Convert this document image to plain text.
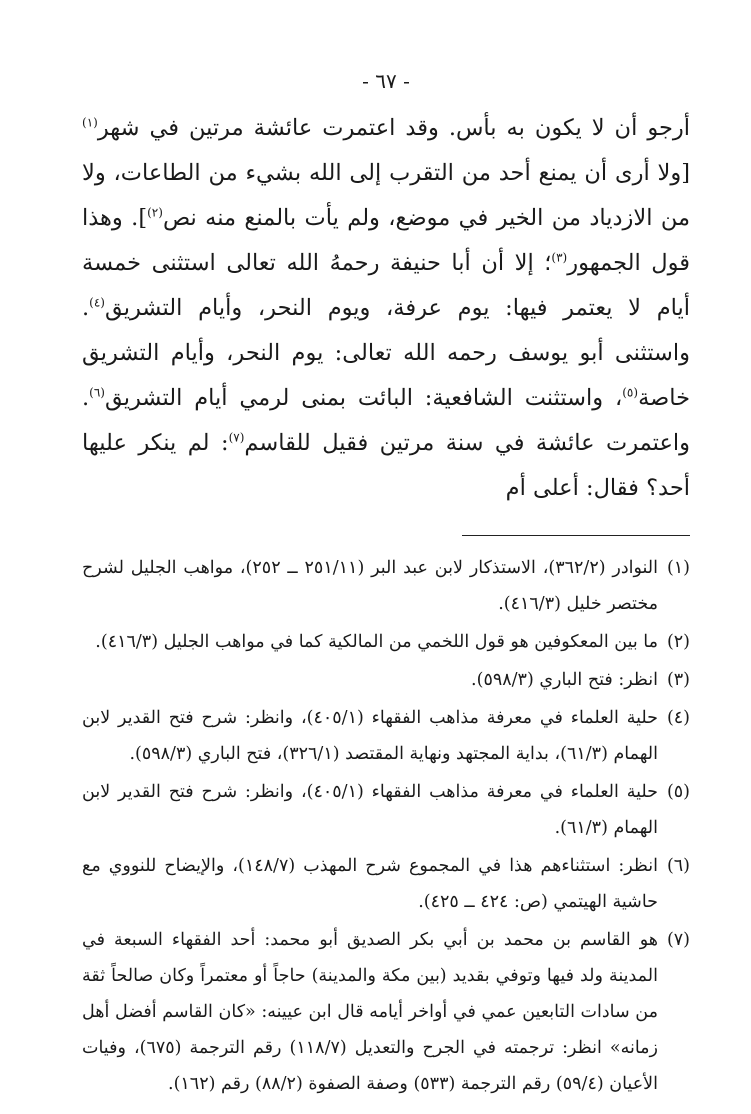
- ٦٧ -

أرجو أن لا يكون به بأس. وقد اعتمرت عائشة مرتين في شهر$^{(١)}$ [ولا أرى أن يمنع أحد من التقرب إلى الله بشيء من الطاعات، ولا من الازدياد من الخير في موضع، ولم يأت بالمنع منه نص$^{(٢)}$]. وهذا قول الجمهور$^{(٣)}$؛ إلا أن أبا حنيفة رحمهُ الله تعالى استثنى خمسة أيام لا يعتمر فيها: يوم عرفة، ويوم النحر، وأيام التشريق$^{(٤)}$. واستثنى أبو يوسف رحمه الله تعالى: يوم النحر، وأيام التشريق خاصة$^{(٥)}$، واستثنت الشافعية: البائت بمنى لرمي أيام التشريق$^{(٦)}$. واعتمرت عائشة في سنة مرتين فقيل للقاسم$^{(٧)}$: لم ينكر عليها أحد؟ فقال: أعلى أم

(١)
النوادر (٣٦٢/٢)، الاستذكار لابن عبد البر (٢٥١/١١ ــ ٢٥٢)، مواهب الجليل لشرح مختصر خليل (٤١٦/٣).
(٢)
ما بين المعكوفين هو قول اللخمي من المالكية كما في مواهب الجليل (٤١٦/٣).
(٣)
انظر: فتح الباري (٥٩٨/٣).
(٤)
حلية العلماء في معرفة مذاهب الفقهاء (٤٠٥/١)، وانظر: شرح فتح القدير لابن الهمام (٦١/٣)، بداية المجتهد ونهاية المقتصد (٣٢٦/١)، فتح الباري (٥٩٨/٣).
(٥)
حلية العلماء في معرفة مذاهب الفقهاء (٤٠٥/١)، وانظر: شرح فتح القدير لابن الهمام (٦١/٣).
(٦)
انظر: استثناءهم هذا في المجموع شرح المهذب (١٤٨/٧)، والإيضاح للنووي مع حاشية الهيتمي (ص: ٤٢٤ ــ ٤٢٥).
(٧)
هو القاسم بن محمد بن أبي بكر الصديق أبو محمد: أحد الفقهاء السبعة في المدينة ولد فيها وتوفي بقديد (بين مكة والمدينة) حاجاً أو معتمراً وكان صالحاً ثقة من سادات التابعين عمي في أواخر أيامه قال ابن عيينه: «كان القاسم أفضل أهل زمانه» انظر: ترجمته في الجرح والتعديل (١١٨/٧) رقم الترجمة (٦٧٥)، وفيات الأعيان (٥٩/٤) رقم الترجمة (٥٣٣) وصفة الصفوة (٨٨/٢) رقم (١٦٢).
